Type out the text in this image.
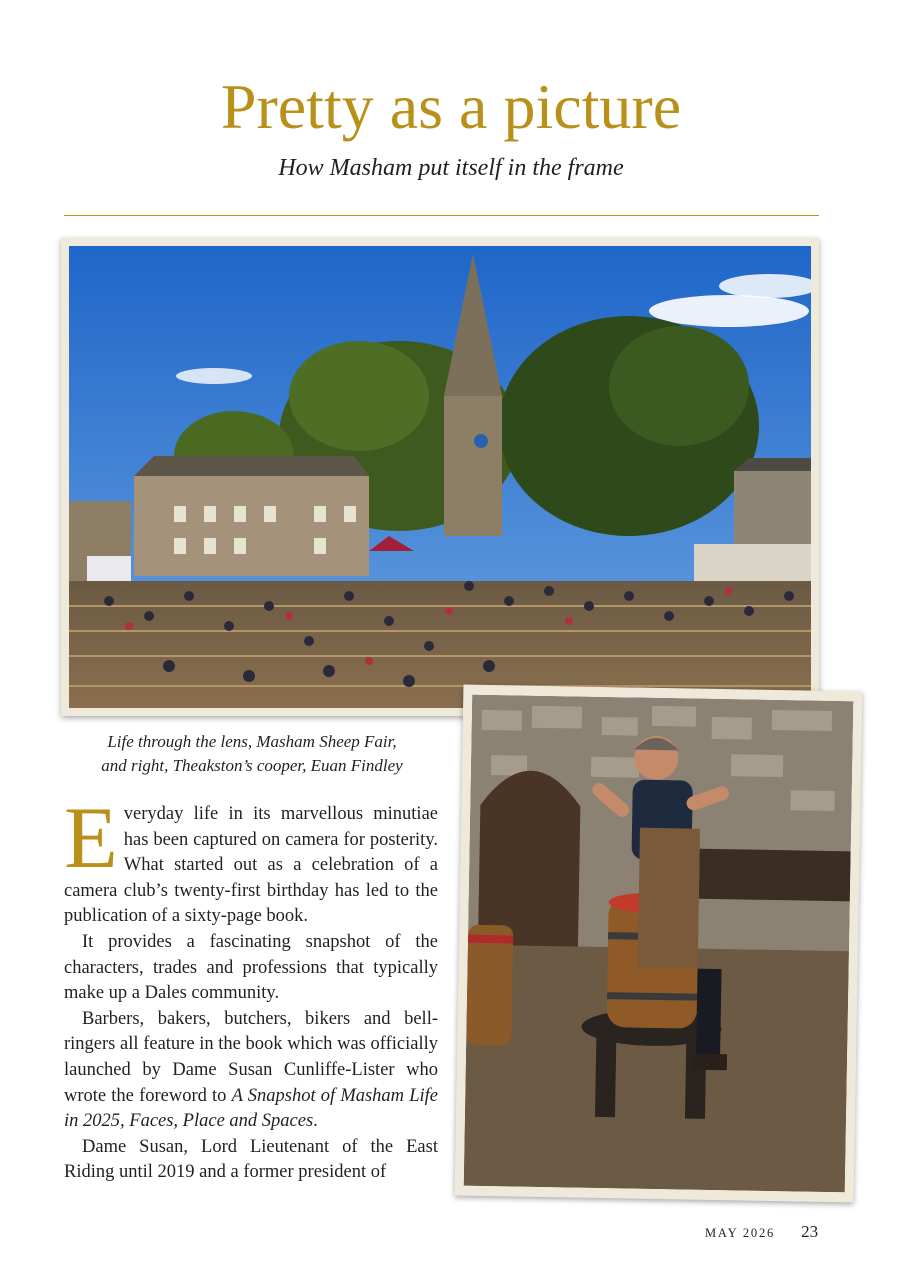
Pretty as a picture
How Masham put itself in the frame
Life through the lens, Masham Sheep Fair,
and right, Theakston’s cooper, Euan Findley

Everyday life in its marvellous minutiae has been captured on camera for posterity. What started out as a celebration of a camera club’s twenty-first birthday has led to the publication of a sixty-page book.

It provides a fascinating snapshot of the characters, trades and professions that typically make up a Dales community.

Barbers, bakers, butchers, bikers and bell-ringers all feature in the book which was officially launched by Dame Susan Cunliffe-Lister who wrote the foreword to A Snapshot of Masham Life in 2025, Faces, Place and Spaces.

Dame Susan, Lord Lieutenant of the East Riding until 2019 and a former president of

MAY 2026 23
